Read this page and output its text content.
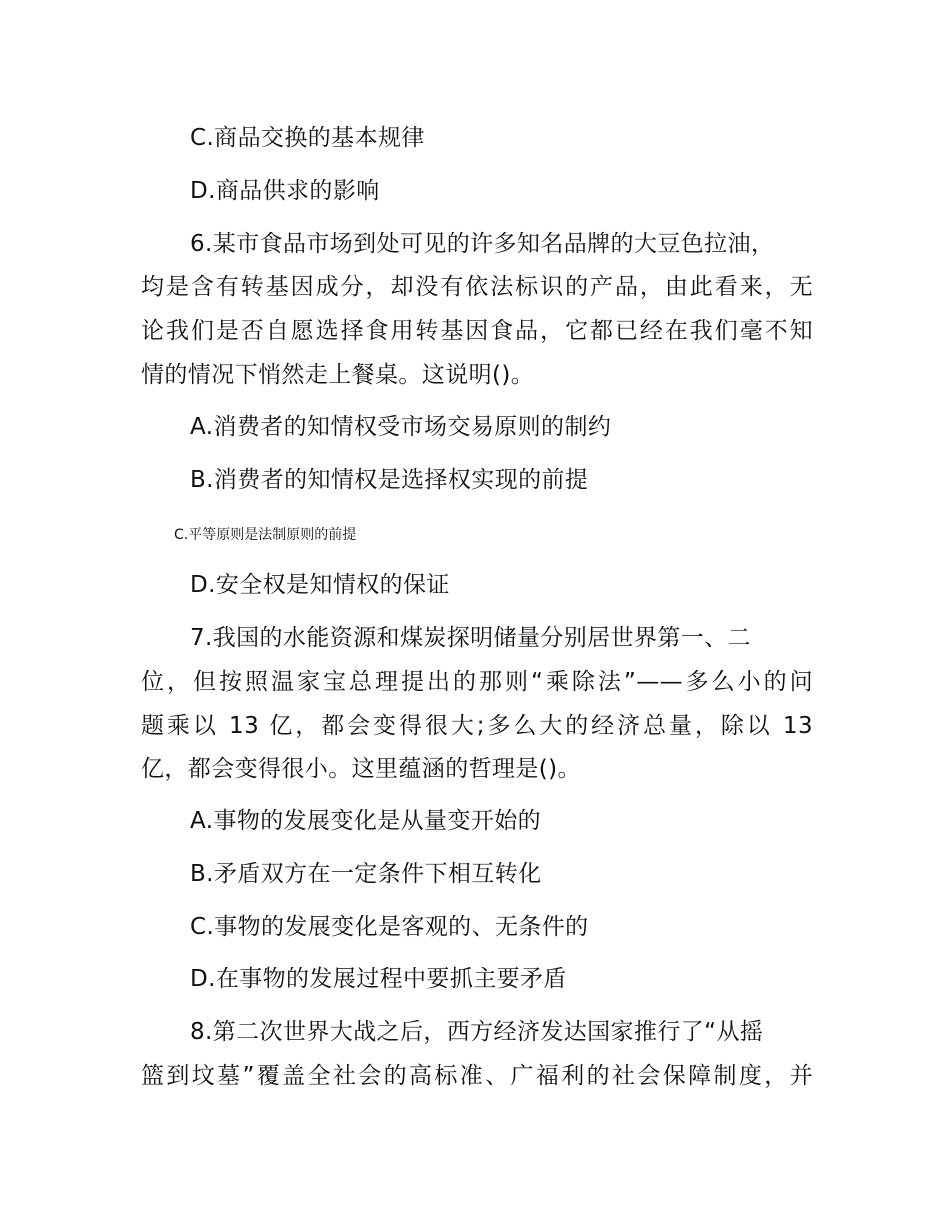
C.商品交换的基本规律
D.商品供求的影响
6.某市食品市场到处可见的许多知名品牌的大豆色拉油，
均是含有转基因成分，却没有依法标识的产品，由此看来，无
论我们是否自愿选择食用转基因食品，它都已经在我们毫不知
情的情况下悄然走上餐桌。这说明()。
A.消费者的知情权受市场交易原则的制约
B.消费者的知情权是选择权实现的前提
C.平等原则是法制原则的前提
D.安全权是知情权的保证
7.我国的水能资源和煤炭探明储量分别居世界第一、二
位，但按照温家宝总理提出的那则“乘除法”——多么小的问
题乘以 13 亿，都会变得很大;多么大的经济总量，除以 13
亿，都会变得很小。这里蕴涵的哲理是()。
A.事物的发展变化是从量变开始的
B.矛盾双方在一定条件下相互转化
C.事物的发展变化是客观的、无条件的
D.在事物的发展过程中要抓主要矛盾
8.第二次世界大战之后，西方经济发达国家推行了“从摇
篮到坟墓”覆盖全社会的高标准、广福利的社会保障制度，并
